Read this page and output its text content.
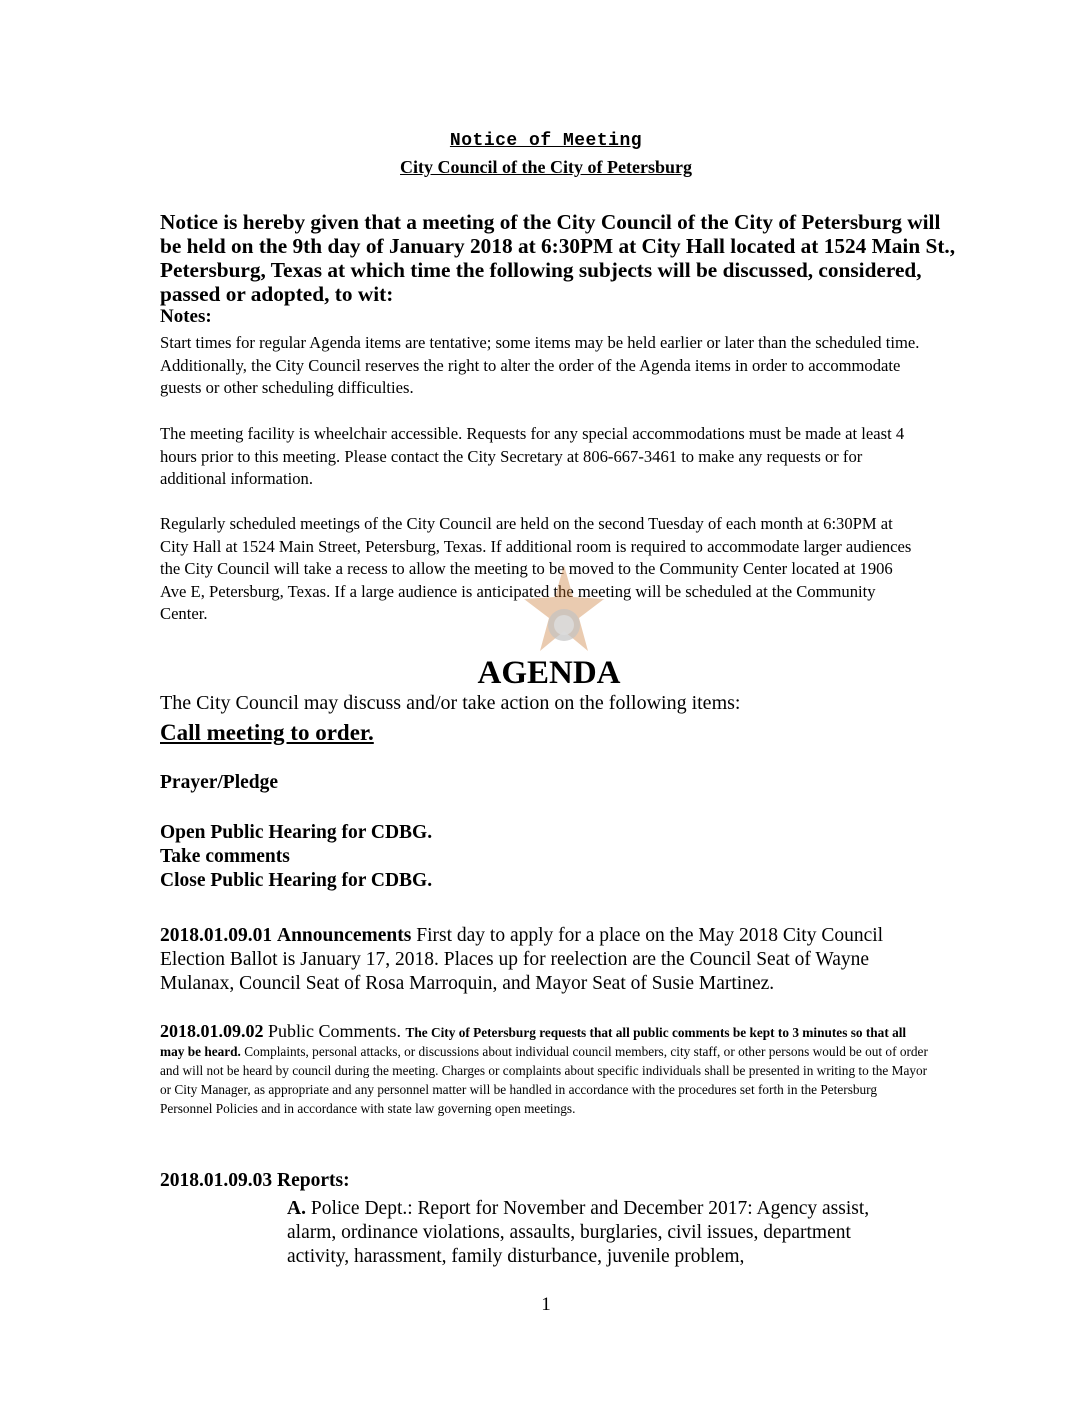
Notice of Meeting
City Council of the City of Petersburg
Notice is hereby given that a meeting of the City Council of the City of Petersburg will be held on the 9th day of January 2018 at 6:30PM at City Hall located at 1524 Main St., Petersburg, Texas at which time the following subjects will be discussed, considered, passed or adopted, to wit:
Notes:
Start times for regular Agenda items are tentative; some items may be held earlier or later than the scheduled time. Additionally, the City Council reserves the right to alter the order of the Agenda items in order to accommodate guests or other scheduling difficulties.
The meeting facility is wheelchair accessible. Requests for any special accommodations must be made at least 4 hours prior to this meeting. Please contact the City Secretary at 806-667-3461 to make any requests or for additional information.
Regularly scheduled meetings of the City Council are held on the second Tuesday of each month at 6:30PM at City Hall at 1524 Main Street, Petersburg, Texas. If additional room is required to accommodate larger audiences the City Council will take a recess to allow the meeting to be moved to the Community Center located at 1906 Ave E, Petersburg, Texas. If a large audience is anticipated the meeting will be scheduled at the Community Center.
AGENDA
The City Council may discuss and/or take action on the following items:
Call meeting to order.
Prayer/Pledge
Open Public Hearing for CDBG.
Take comments
Close Public Hearing for CDBG.
2018.01.09.01 Announcements First day to apply for a place on the May 2018 City Council Election Ballot is January 17, 2018. Places up for reelection are the Council Seat of Wayne Mulanax, Council Seat of Rosa Marroquin, and Mayor Seat of Susie Martinez.
2018.01.09.02 Public Comments. The City of Petersburg requests that all public comments be kept to 3 minutes so that all may be heard. Complaints, personal attacks, or discussions about individual council members, city staff, or other persons would be out of order and will not be heard by council during the meeting. Charges or complaints about specific individuals shall be presented in writing to the Mayor or City Manager, as appropriate and any personnel matter will be handled in accordance with the procedures set forth in the Petersburg Personnel Policies and in accordance with state law governing open meetings.
2018.01.09.03 Reports:
A. Police Dept.: Report for November and December 2017: Agency assist, alarm, ordinance violations, assaults, burglaries, civil issues, department activity, harassment, family disturbance, juvenile problem,
1
